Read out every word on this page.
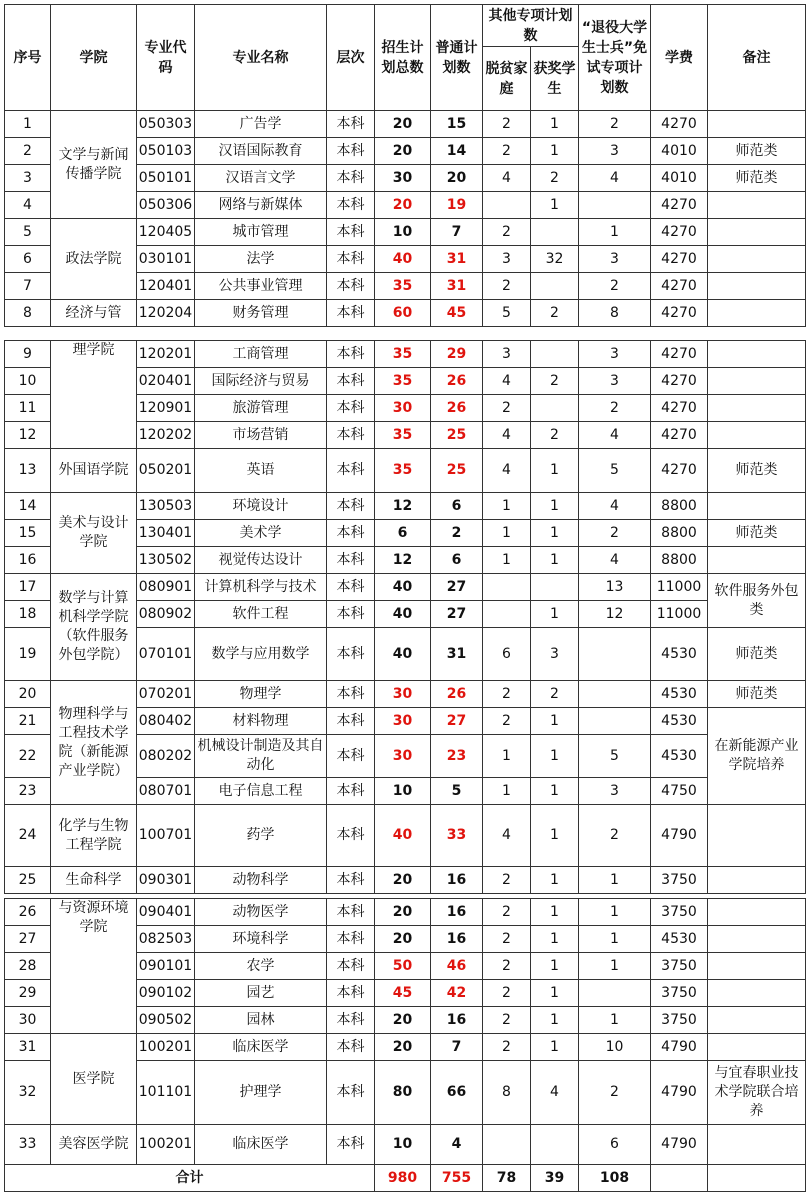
序号	学院	专业代码	专业名称	层次	招生计划总数	普通计划数	其他专项计划数		“退役大学生士兵”免试专项计划数	学费	备注
							脱贫家庭	获奖学生			
1	文学与新闻传播学院	050303	广告学	本科	20	15	2	1	2	4270	
2		050103	汉语国际教育	本科	20	14	2	1	3	4010	师范类
3		050101	汉语言文学	本科	30	20	4	2	4	4010	师范类
4		050306	网络与新媒体	本科	20	19		1		4270	
5	政法学院	120405	城市管理	本科	10	7	2		1	4270	
6		030101	法学	本科	40	31	3	32	3	4270	
7		120401	公共事业管理	本科	35	31	2		2	4270	
8	经济与管	120204	财务管理	本科	60	45	5	2	8	4270	
9	理学院	120201	工商管理	本科	35	29	3		3	4270	
10		020401	国际经济与贸易	本科	35	26	4	2	3	4270	
11		120901	旅游管理	本科	30	26	2		2	4270	
12		120202	市场营销	本科	35	25	4	2	4	4270	
13	外国语学院	050201	英语	本科	35	25	4	1	5	4270	师范类
14	美术与设计学院	130503	环境设计	本科	12	6	1	1	4	8800	
15		130401	美术学	本科	6	2	1	1	2	8800	师范类
16		130502	视觉传达设计	本科	12	6	1	1	4	8800	
17	数学与计算机科学学院（软件服务外包学院）	080901	计算机科学与技术	本科	40	27			13	11000	软件服务外包类
18		080902	软件工程	本科	40	27		1	12	11000	
19		070101	数学与应用数学	本科	40	31	6	3		4530	师范类
20	物理科学与工程技术学院（新能源产业学院）	070201	物理学	本科	30	26	2	2		4530	师范类
21		080402	材料物理	本科	30	27	2	1		4530	在新能源产业学院培养
22		080202	机械设计制造及其自动化	本科	30	23	1	1	5	4530	
23		080701	电子信息工程	本科	10	5	1	1	3	4750	
24	化学与生物工程学院	100701	药学	本科	40	33	4	1	2	4790	
25	生命科学	090301	动物科学	本科	20	16	2	1	1	3750	
26	与资源环境学院	090401	动物医学	本科	20	16	2	1	1	3750	
27		082503	环境科学	本科	20	16	2	1	1	4530	
28		090101	农学	本科	50	46	2	1	1	3750	
29		090102	园艺	本科	45	42	2	1		3750	
30		090502	园林	本科	20	16	2	1	1	3750	
31	医学院	100201	临床医学	本科	20	7	2	1	10	4790	
32		101101	护理学	本科	80	66	8	4	2	4790	与宜春职业技术学院联合培养
33	美容医学院	100201	临床医学	本科	10	4			6	4790	
合计					980	755	78	39	108		
